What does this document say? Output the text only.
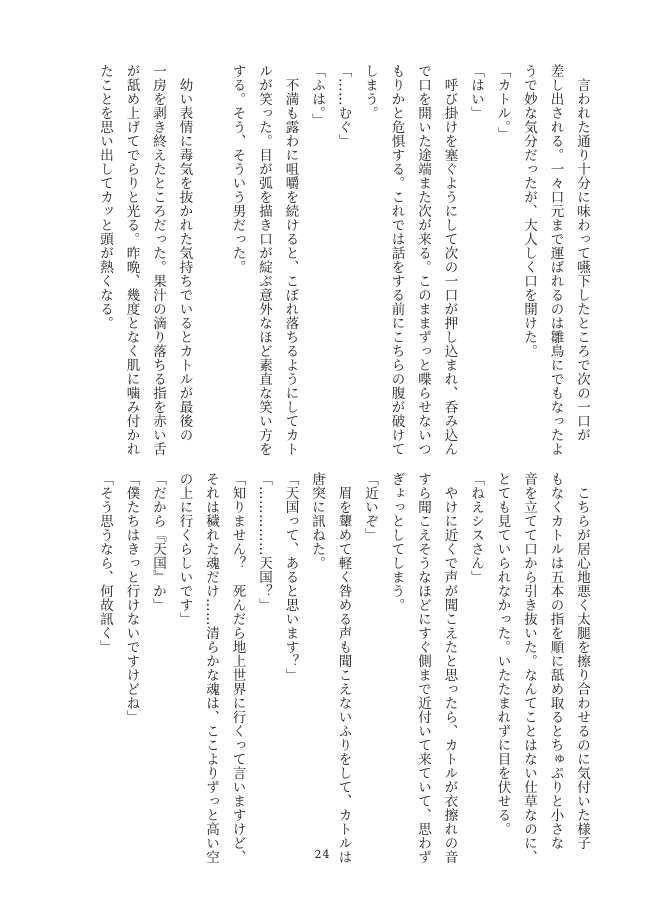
　言われた通り十分に味わって嚥下したところで次の一口が
差し出される。一々口元まで運ばれるのは雛鳥にでもなったよ
うで妙な気分だったが、大人しく口を開けた。
「カトル。」
「はい」
　呼び掛けを塞ぐようにして次の一口が押し込まれ、呑み込ん
で口を開いた途端また次が来る。このままずっと喋らせないつ
もりかと危惧する。これでは話をする前にこちらの腹が破けて
しまう。
「……むぐ」
「ふは。」
　不満も露わに咀嚼を続けると、こぼれ落ちるようにしてカト
ルが笑った。目が弧を描き口が綻ぶ意外なほど素直な笑い方を
する。そう、そういう男だった。

　幼い表情に毒気を抜かれた気持ちでいるとカトルが最後の
一房を剥き終えたところだった。果汁の滴り落ちる指を赤い舌
が舐め上げてでらりと光る。昨晩、幾度となく肌に噛み付かれ
たことを思い出してカッと頭が熱くなる。
　こちらが居心地悪く太腿を擦り合わせるのに気付いた様子
もなくカトルは五本の指を順に舐め取るとちゅぷりと小さな
音を立てて口から引き抜いた。なんてことはない仕草なのに、
とても見ていられなかった。いたたまれずに目を伏せる。
「ねえシスさん」
　やけに近くで声が聞こえたと思ったら、カトルが衣擦れの音
すら聞こえそうなほどにすぐ側まで近付いて来ていて、思わず
ぎょっとしてしまう。
「近いぞ」
　眉を顰めて軽く咎める声も聞こえないふりをして、カトルは
唐突に訊ねた。
「天国って、あると思います？」
「……………天国？」
「知りません？　死んだら地上世界に行くって言いますけど、
それは穢れた魂だけ……清らかな魂は、ここよりずっと高い空
の上に行くらしいです」
「だから『天国』か」
「僕たちはきっと行けないですけどね」
「そう思うなら、何故訊く」
24
